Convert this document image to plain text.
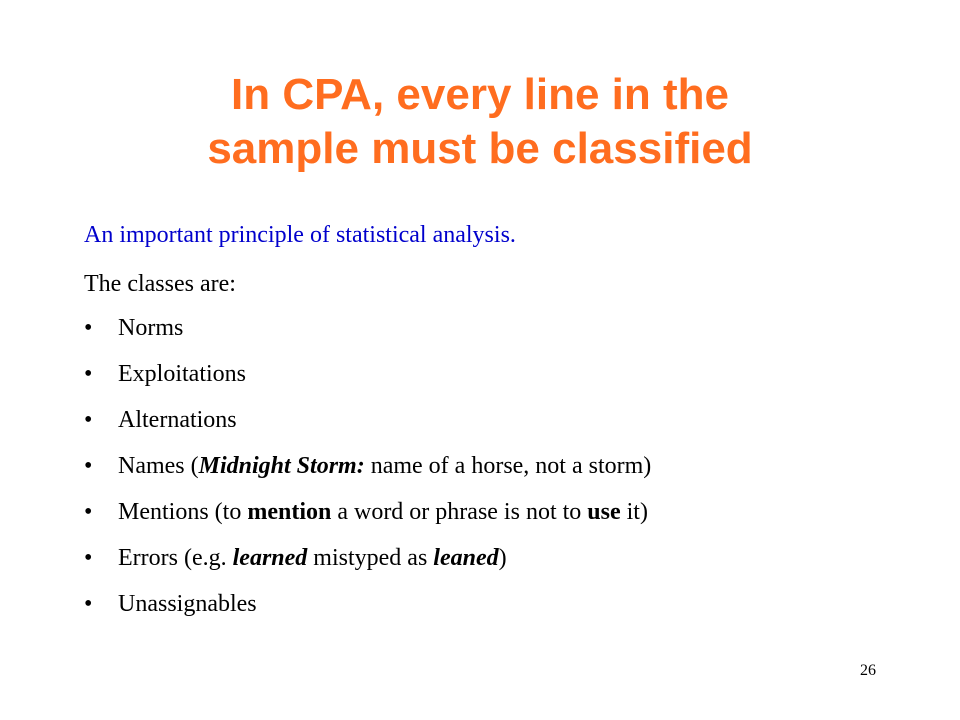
In CPA, every line in the
sample must be classified
An important principle of statistical analysis.
The classes are:
•	Norms
•	Exploitations
•	Alternations
•	Names (Midnight Storm: name of a horse, not a storm)
•	Mentions (to mention a word or phrase is not to use it)
•	Errors (e.g. learned mistyped as leaned)
•	Unassignables
26
